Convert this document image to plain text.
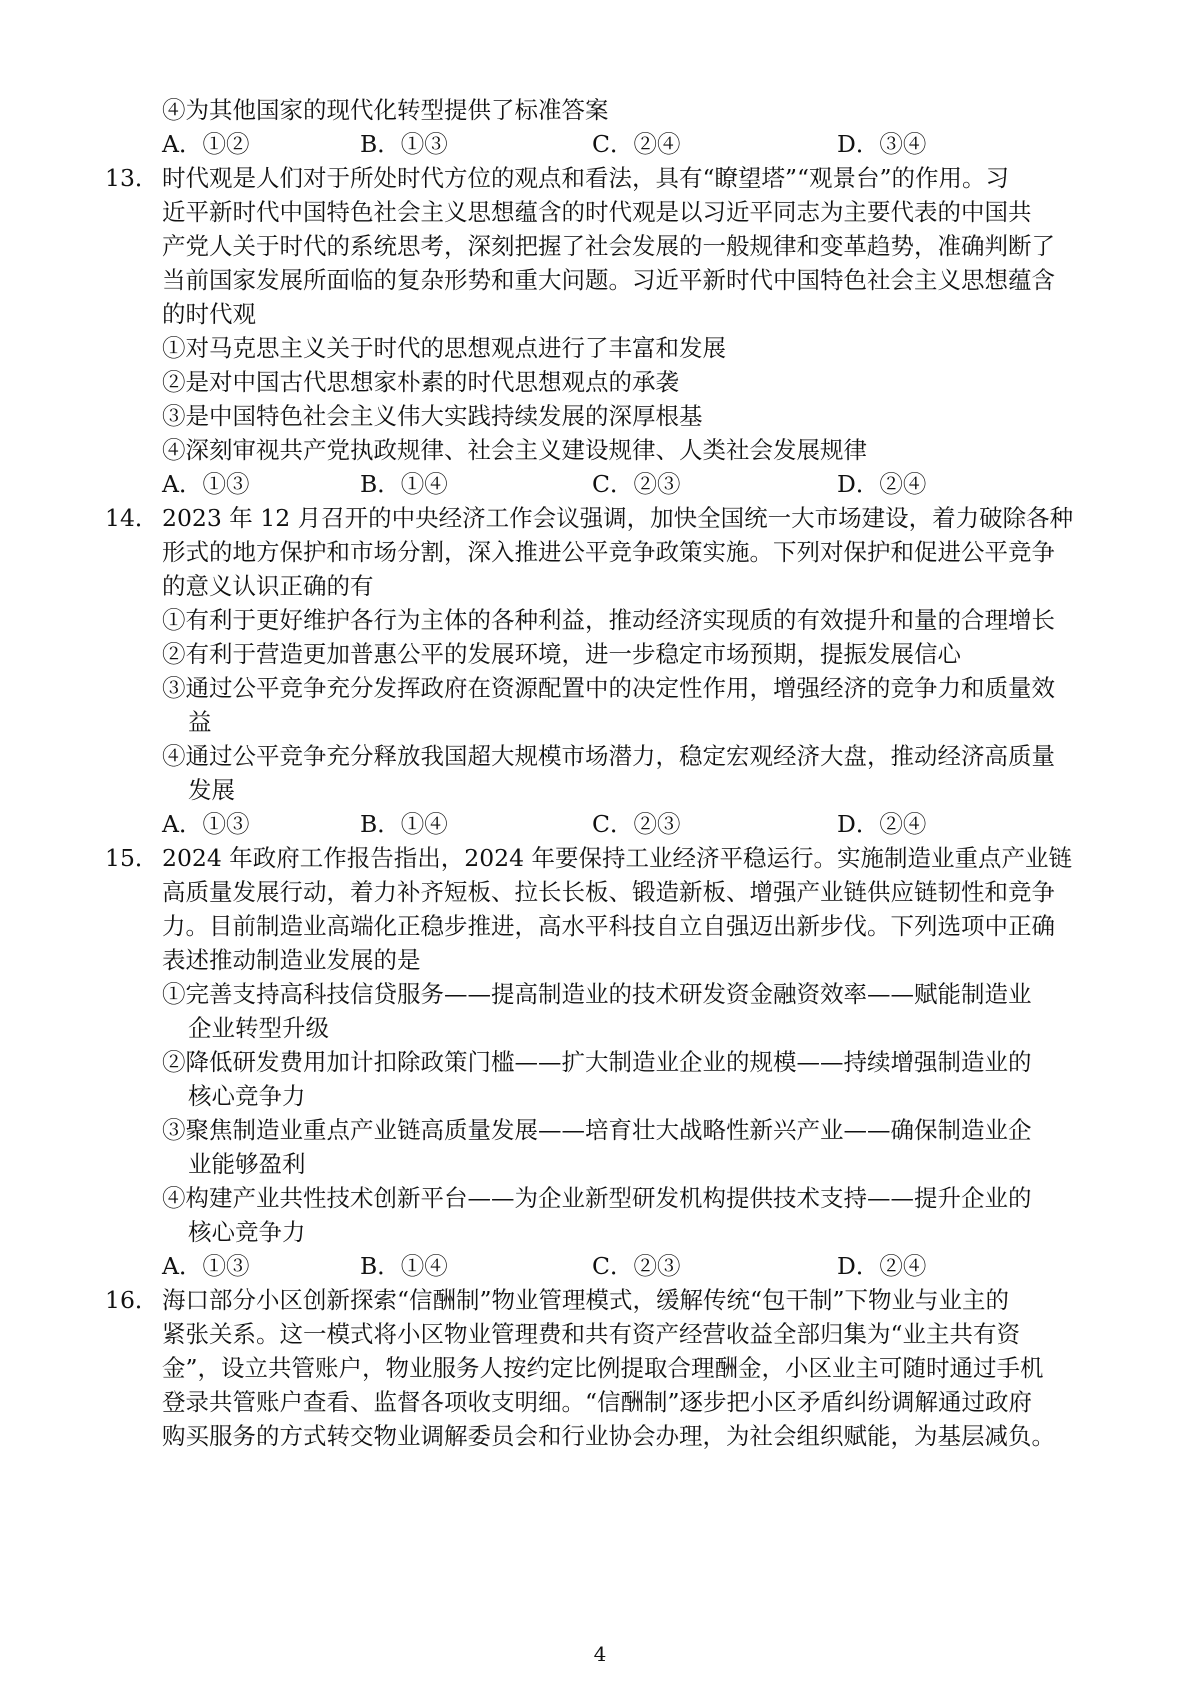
④为其他国家的现代化转型提供了标准答案
A．①②	B．①③	C．②④	D．③④
13． 时代观是人们对于所处时代方位的观点和看法，具有“瞭望塔”“观景台”的作用。习
近平新时代中国特色社会主义思想蕴含的时代观是以习近平同志为主要代表的中国共
产党人关于时代的系统思考，深刻把握了社会发展的一般规律和变革趋势，准确判断了
当前国家发展所面临的复杂形势和重大问题。习近平新时代中国特色社会主义思想蕴含
的时代观
①对马克思主义关于时代的思想观点进行了丰富和发展
②是对中国古代思想家朴素的时代思想观点的承袭
③是中国特色社会主义伟大实践持续发展的深厚根基
④深刻审视共产党执政规律、社会主义建设规律、人类社会发展规律
A．①③	B．①④	C．②③	D．②④
14． 2023 年 12 月召开的中央经济工作会议强调，加快全国统一大市场建设，着力破除各种
形式的地方保护和市场分割，深入推进公平竞争政策实施。下列对保护和促进公平竞争
的意义认识正确的有
①有利于更好维护各行为主体的各种利益，推动经济实现质的有效提升和量的合理增长
②有利于营造更加普惠公平的发展环境，进一步稳定市场预期，提振发展信心
③通过公平竞争充分发挥政府在资源配置中的决定性作用，增强经济的竞争力和质量效
益
④通过公平竞争充分释放我国超大规模市场潜力，稳定宏观经济大盘，推动经济高质量
发展
A．①③	B．①④	C．②③	D．②④
15． 2024 年政府工作报告指出，2024 年要保持工业经济平稳运行。实施制造业重点产业链
高质量发展行动，着力补齐短板、拉长长板、锻造新板、增强产业链供应链韧性和竞争
力。目前制造业高端化正稳步推进，高水平科技自立自强迈出新步伐。下列选项中正确
表述推动制造业发展的是
①完善支持高科技信贷服务——提高制造业的技术研发资金融资效率——赋能制造业
企业转型升级
②降低研发费用加计扣除政策门槛——扩大制造业企业的规模——持续增强制造业的
核心竞争力
③聚焦制造业重点产业链高质量发展——培育壮大战略性新兴产业——确保制造业企
业能够盈利
④构建产业共性技术创新平台——为企业新型研发机构提供技术支持——提升企业的
核心竞争力
A．①③	B．①④	C．②③	D．②④
16． 海口部分小区创新探索“信酬制”物业管理模式，缓解传统“包干制”下物业与业主的
紧张关系。这一模式将小区物业管理费和共有资产经营收益全部归集为“业主共有资
金”，设立共管账户，物业服务人按约定比例提取合理酬金，小区业主可随时通过手机
登录共管账户查看、监督各项收支明细。“信酬制”逐步把小区矛盾纠纷调解通过政府
购买服务的方式转交物业调解委员会和行业协会办理，为社会组织赋能，为基层减负。
4
